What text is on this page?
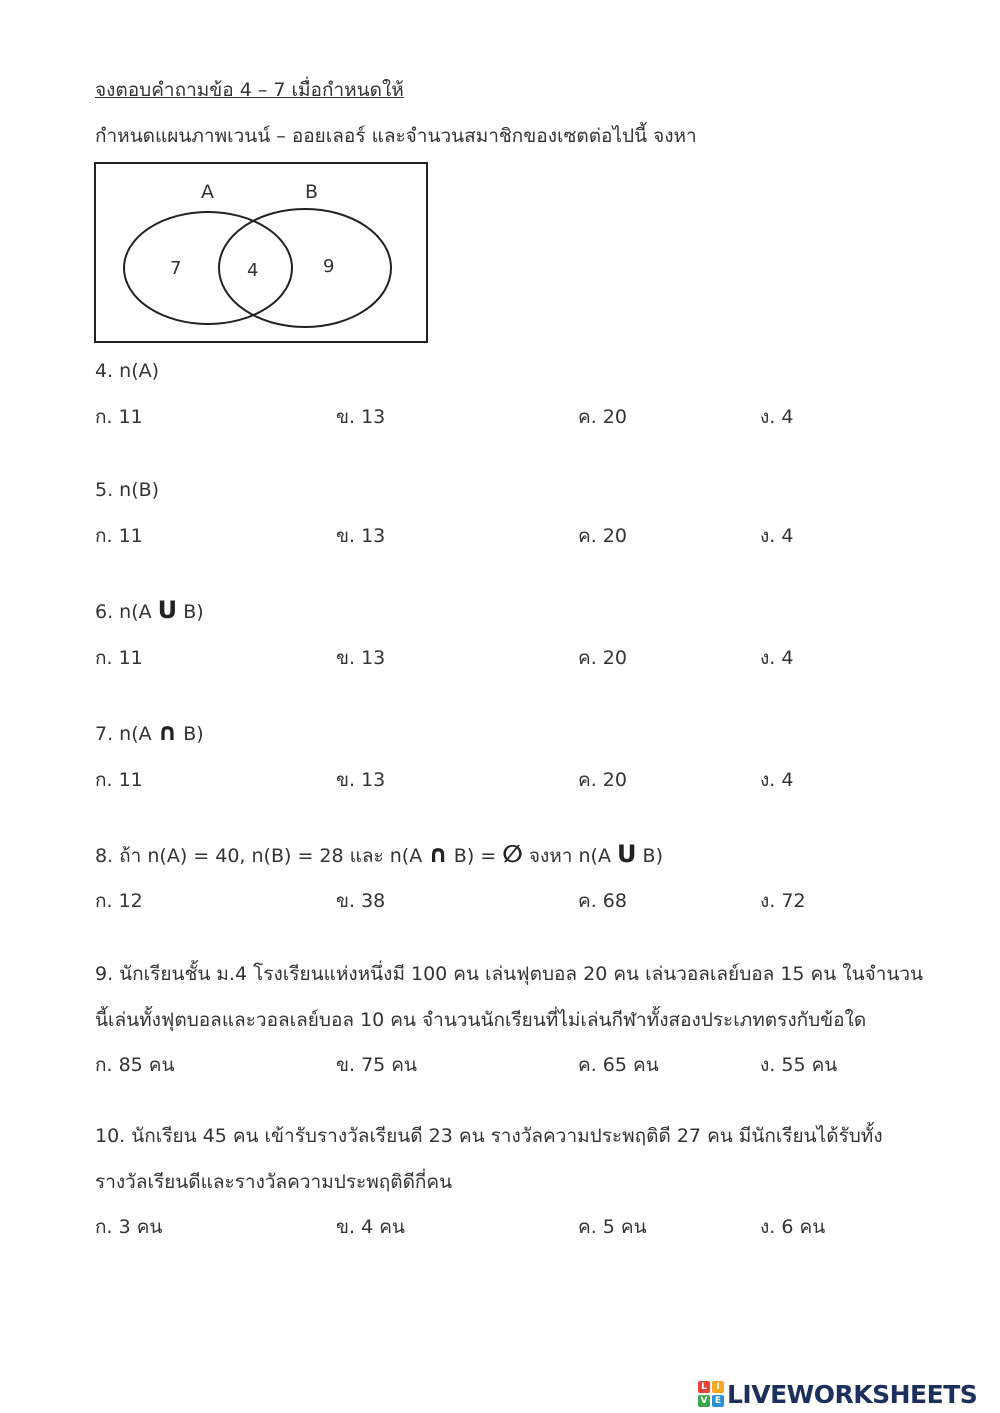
จงตอบคำถามข้อ 4 – 7 เมื่อกำหนดให้
กำหนดแผนภาพเวนน์ – ออยเลอร์ และจำนวนสมาชิกของเซตต่อไปนี้ จงหา
A	B
7	4	9
4. n(A)
ก. 11	ข. 13	ค. 20	ง. 4
5. n(B)
ก. 11	ข. 13	ค. 20	ง. 4
6. n(A U B)
ก. 11	ข. 13	ค. 20	ง. 4
7. n(A ∩ B)
ก. 11	ข. 13	ค. 20	ง. 4
8. ถ้า n(A) = 40, n(B) = 28 และ n(A ∩ B) = ∅ จงหา n(A U B)
ก. 12	ข. 38	ค. 68	ง. 72
9. นักเรียนชั้น ม.4 โรงเรียนแห่งหนึ่งมี 100 คน เล่นฟุตบอล 20 คน เล่นวอลเลย์บอล 15 คน ในจำนวน
นี้เล่นทั้งฟุตบอลและวอลเลย์บอล 10 คน จำนวนนักเรียนที่ไม่เล่นกีฬาทั้งสองประเภทตรงกับข้อใด
ก. 85 คน	ข. 75 คน	ค. 65 คน	ง. 55 คน
10. นักเรียน 45 คน เข้ารับรางวัลเรียนดี 23 คน รางวัลความประพฤติดี 27 คน มีนักเรียนได้รับทั้ง
รางวัลเรียนดีและรางวัลความประพฤติดีกี่คน
ก. 3 คน	ข. 4 คน	ค. 5 คน	ง. 6 คน
L	I
V E LIVEWORKSHEETS
